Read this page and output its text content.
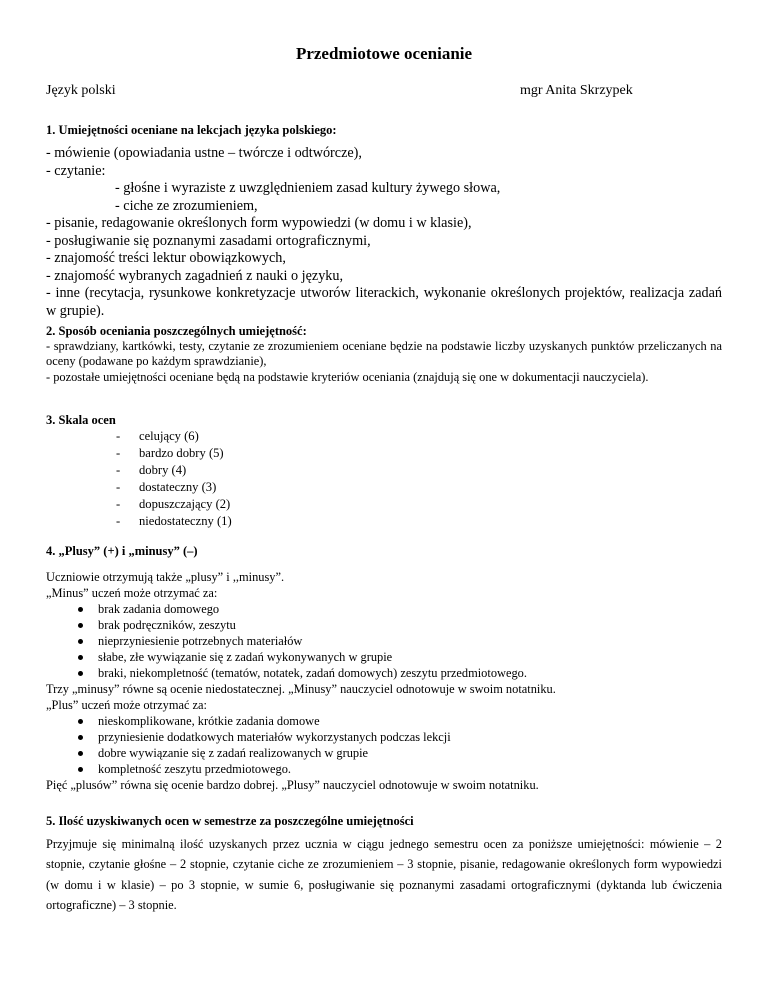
Przedmiotowe ocenianie
Język polski	mgr Anita Skrzypek
1. Umiejętności oceniane na lekcjach języka polskiego:
- mówienie (opowiadania ustne – twórcze i odtwórcze),
- czytanie:
- głośne i wyraziste z uwzględnieniem zasad kultury żywego słowa,
- ciche ze zrozumieniem,
- pisanie, redagowanie określonych form wypowiedzi (w domu i w klasie),
- posługiwanie się poznanymi zasadami ortograficznymi,
- znajomość treści lektur obowiązkowych,
- znajomość wybranych zagadnień z nauki o języku,
- inne (recytacja, rysunkowe konkretyzacje utworów literackich, wykonanie określonych projektów, realizacja zadań w grupie).
2. Sposób oceniania poszczególnych umiejętność:
- sprawdziany, kartkówki, testy, czytanie ze zrozumieniem oceniane będzie na podstawie liczby uzyskanych punktów przeliczanych na oceny (podawane po każdym sprawdzianie),
- pozostałe umiejętności oceniane będą na podstawie kryteriów oceniania (znajdują się one w dokumentacji nauczyciela).
3. Skala ocen
- celujący (6)
- bardzo dobry (5)
- dobry (4)
- dostateczny (3)
- dopuszczający (2)
- niedostateczny (1)
4. „Plusy” (+) i „minusy” (–)
Uczniowie otrzymują także „plusy” i ,,minusy”.
„Minus” uczeń może otrzymać za:
brak zadania domowego
brak podręczników, zeszytu
nieprzyniesienie potrzebnych materiałów
słabe, złe wywiązanie się z zadań wykonywanych w grupie
braki, niekompletność (tematów, notatek, zadań domowych) zeszytu przedmiotowego.
Trzy „minusy” równe są ocenie niedostatecznej. „Minusy” nauczyciel odnotowuje w swoim notatniku.
„Plus” uczeń może otrzymać za:
nieskomplikowane, krótkie zadania domowe
przyniesienie dodatkowych materiałów wykorzystanych podczas lekcji
dobre wywiązanie się z zadań realizowanych w grupie
kompletność zeszytu przedmiotowego.
Pięć „plusów” równa się ocenie bardzo dobrej. „Plusy” nauczyciel odnotowuje w swoim notatniku.
5. Ilość uzyskiwanych ocen w semestrze za poszczególne umiejętności
Przyjmuje się minimalną ilość uzyskanych przez ucznia w ciągu jednego semestru ocen za poniższe umiejętności: mówienie – 2 stopnie, czytanie głośne – 2 stopnie, czytanie ciche ze zrozumieniem – 3 stopnie, pisanie, redagowanie określonych form wypowiedzi (w domu i w klasie) – po 3 stopnie, w sumie 6, posługiwanie się poznanymi zasadami ortograficznymi (dyktanda lub ćwiczenia ortograficzne) – 3 stopnie.
